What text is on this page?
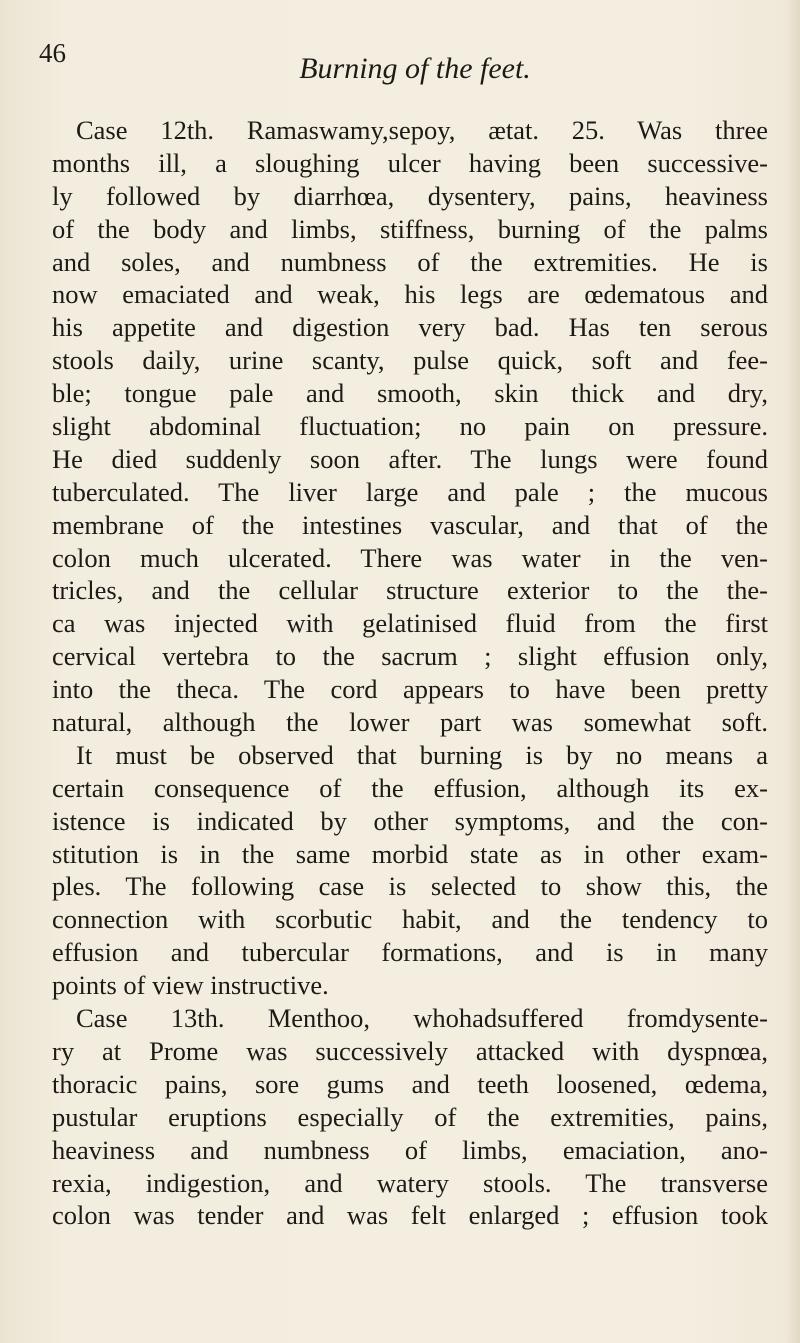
46	Burning of the feet.

Case 12th. Ramaswamy,sepoy, ætat. 25. Was three
months ill, a sloughing ulcer having been successive-
ly followed by diarrhœa, dysentery, pains, heaviness
of the body and limbs, stiffness, burning of the palms
and soles, and numbness of the extremities. He is
now emaciated and weak, his legs are œdematous and
his appetite and digestion very bad. Has ten serous
stools daily, urine scanty, pulse quick, soft and fee-
ble; tongue pale and smooth, skin thick and dry,
slight abdominal fluctuation; no pain on pressure.
He died suddenly soon after. The lungs were found
tuberculated. The liver large and pale ; the mucous
membrane of the intestines vascular, and that of the
colon much ulcerated. There was water in the ven-
tricles, and the cellular structure exterior to the the-
ca was injected with gelatinised fluid from the first
cervical vertebra to the sacrum ; slight effusion only,
into the theca. The cord appears to have been pretty
natural, although the lower part was somewhat soft.
It must be observed that burning is by no means a
certain consequence of the effusion, although its ex-
istence is indicated by other symptoms, and the con-
stitution is in the same morbid state as in other exam-
ples. The following case is selected to show this, the
connection with scorbutic habit, and the tendency to
effusion and tubercular formations, and is in many
points of view instructive.
Case 13th. Menthoo, whohadsuffered fromdysente-
ry at Prome was successively attacked with dyspnœa,
thoracic pains, sore gums and teeth loosened, œdema,
pustular eruptions especially of the extremities, pains,
heaviness and numbness of limbs, emaciation, ano-
rexia, indigestion, and watery stools. The transverse
colon was tender and was felt enlarged ; effusion took
